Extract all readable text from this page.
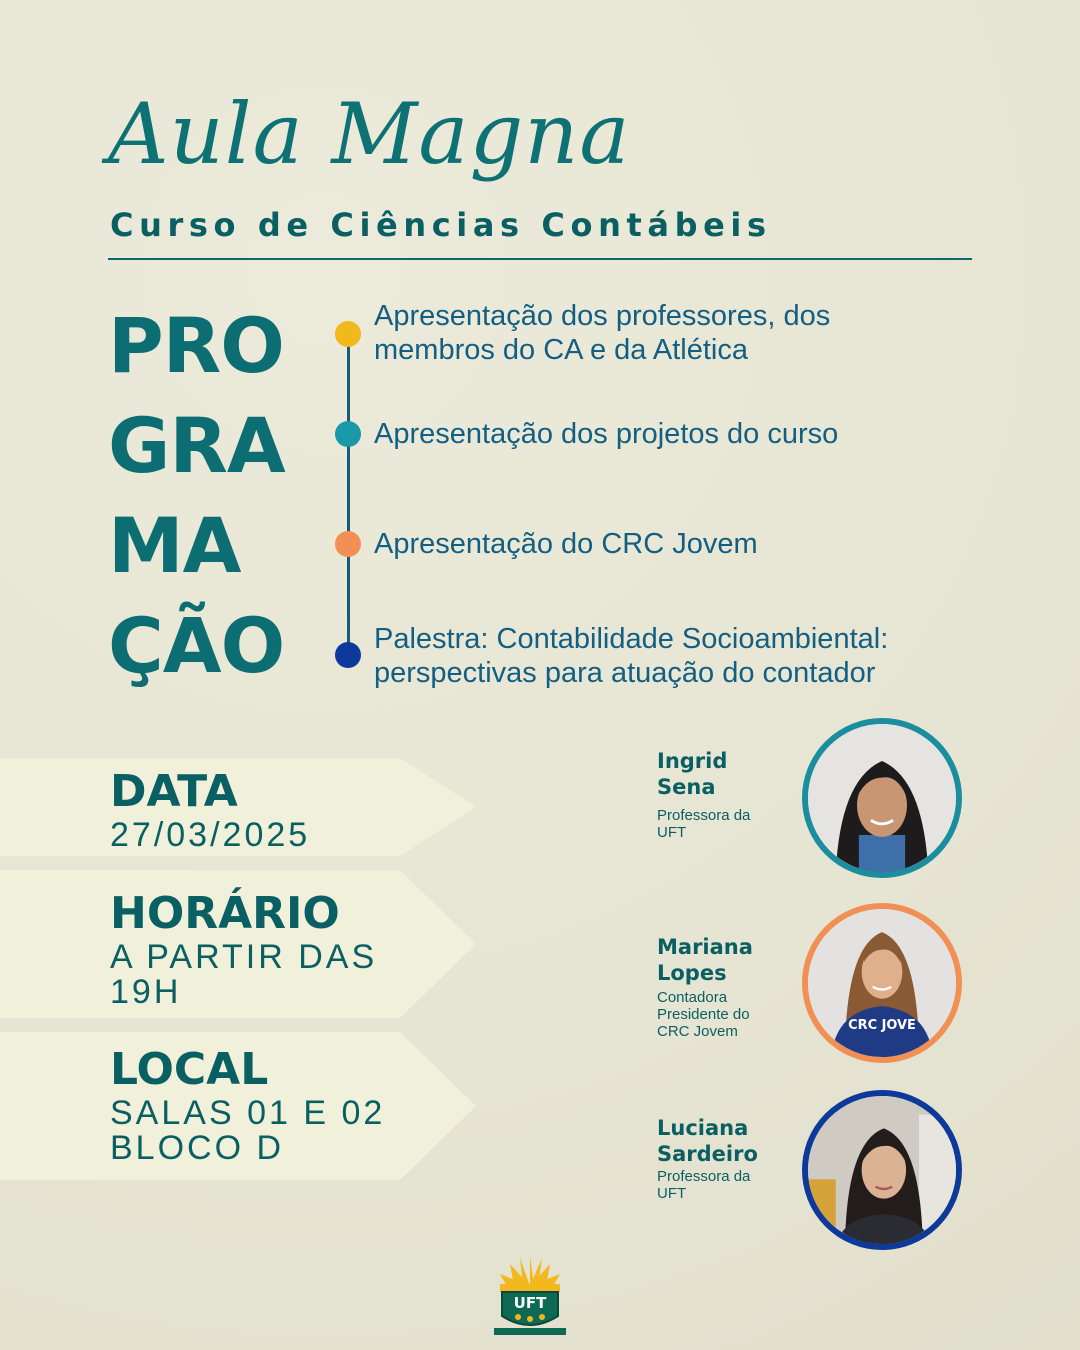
Aula Magna
Curso de Ciências Contábeis
PRO
GRA
MA
ÇÃO
Apresentação dos professores, dos
membros do CA e da Atlética
Apresentação dos projetos do curso
Apresentação do CRC Jovem
Palestra: Contabilidade Socioambiental:
perspectivas para atuação do contador
DATA
27/03/2025
HORÁRIO
A PARTIR DAS
19H
LOCAL
SALAS 01 E 02
BLOCO D
Ingrid
Sena
Professora da
UFT
Mariana
Lopes
Contadora
Presidente do
CRC Jovem	CRC JOVE
Luciana
Sardeiro
Professora da
UFT
UFT
